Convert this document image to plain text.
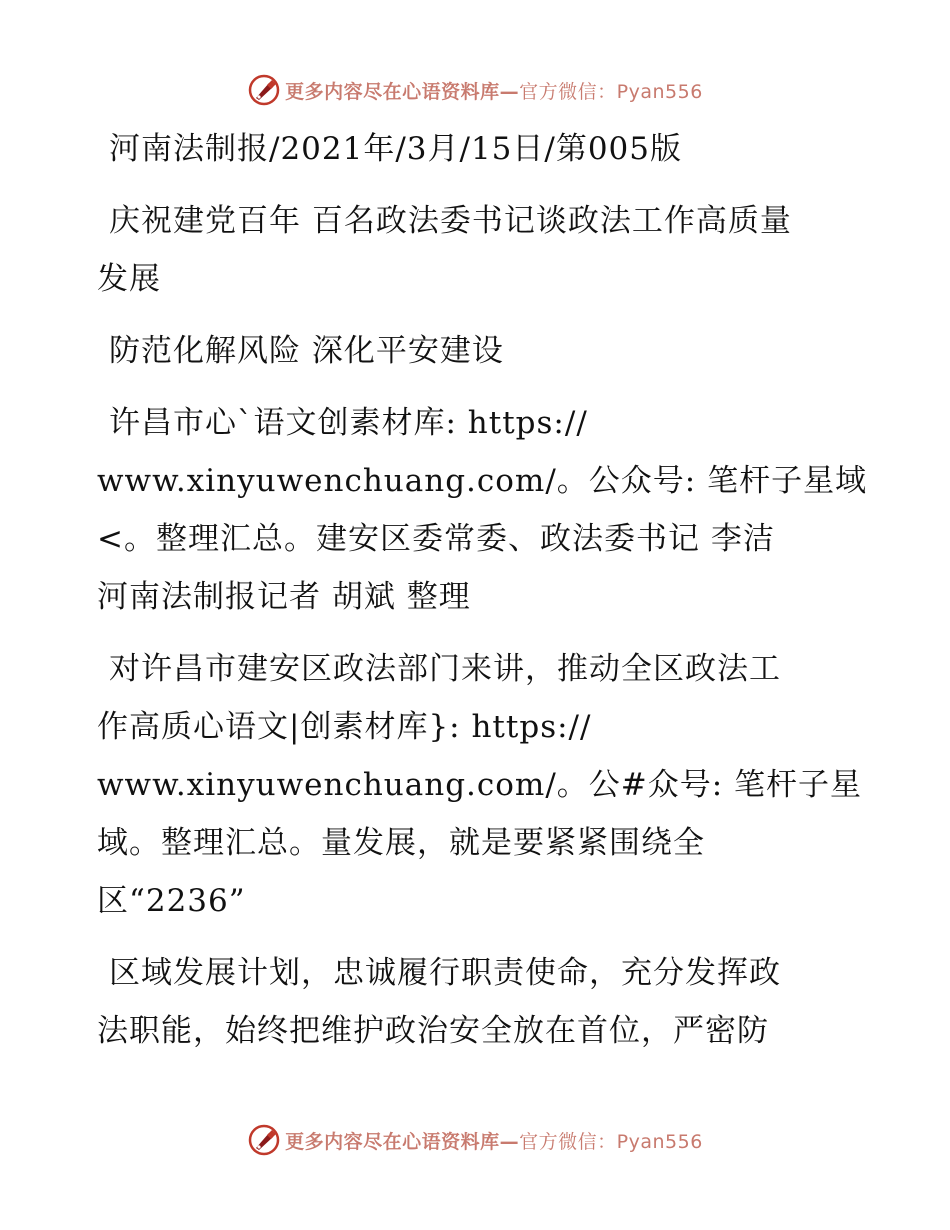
更多内容尽在心语资料库—官方微信：Pyan556

河南法制报/2021年/3月/15日/第005版

庆祝建党百年 百名政法委书记谈政法工作高质量
发展

防范化解风险 深化平安建设

许昌市心`语文创素材库: https://
www.xinyuwenchuang.com/。公众号: 笔杆子星域
<。整理汇总。建安区委常委、政法委书记 李洁
河南法制报记者 胡斌 整理

对许昌市建安区政法部门来讲，推动全区政法工
作高质心语文|创素材库}: https://
www.xinyuwenchuang.com/。公#众号: 笔杆子星
域。整理汇总。量发展，就是要紧紧围绕全
区“2236”

区域发展计划，忠诚履行职责使命，充分发挥政
法职能，始终把维护政治安全放在首位，严密防

更多内容尽在心语资料库—官方微信：Pyan556
